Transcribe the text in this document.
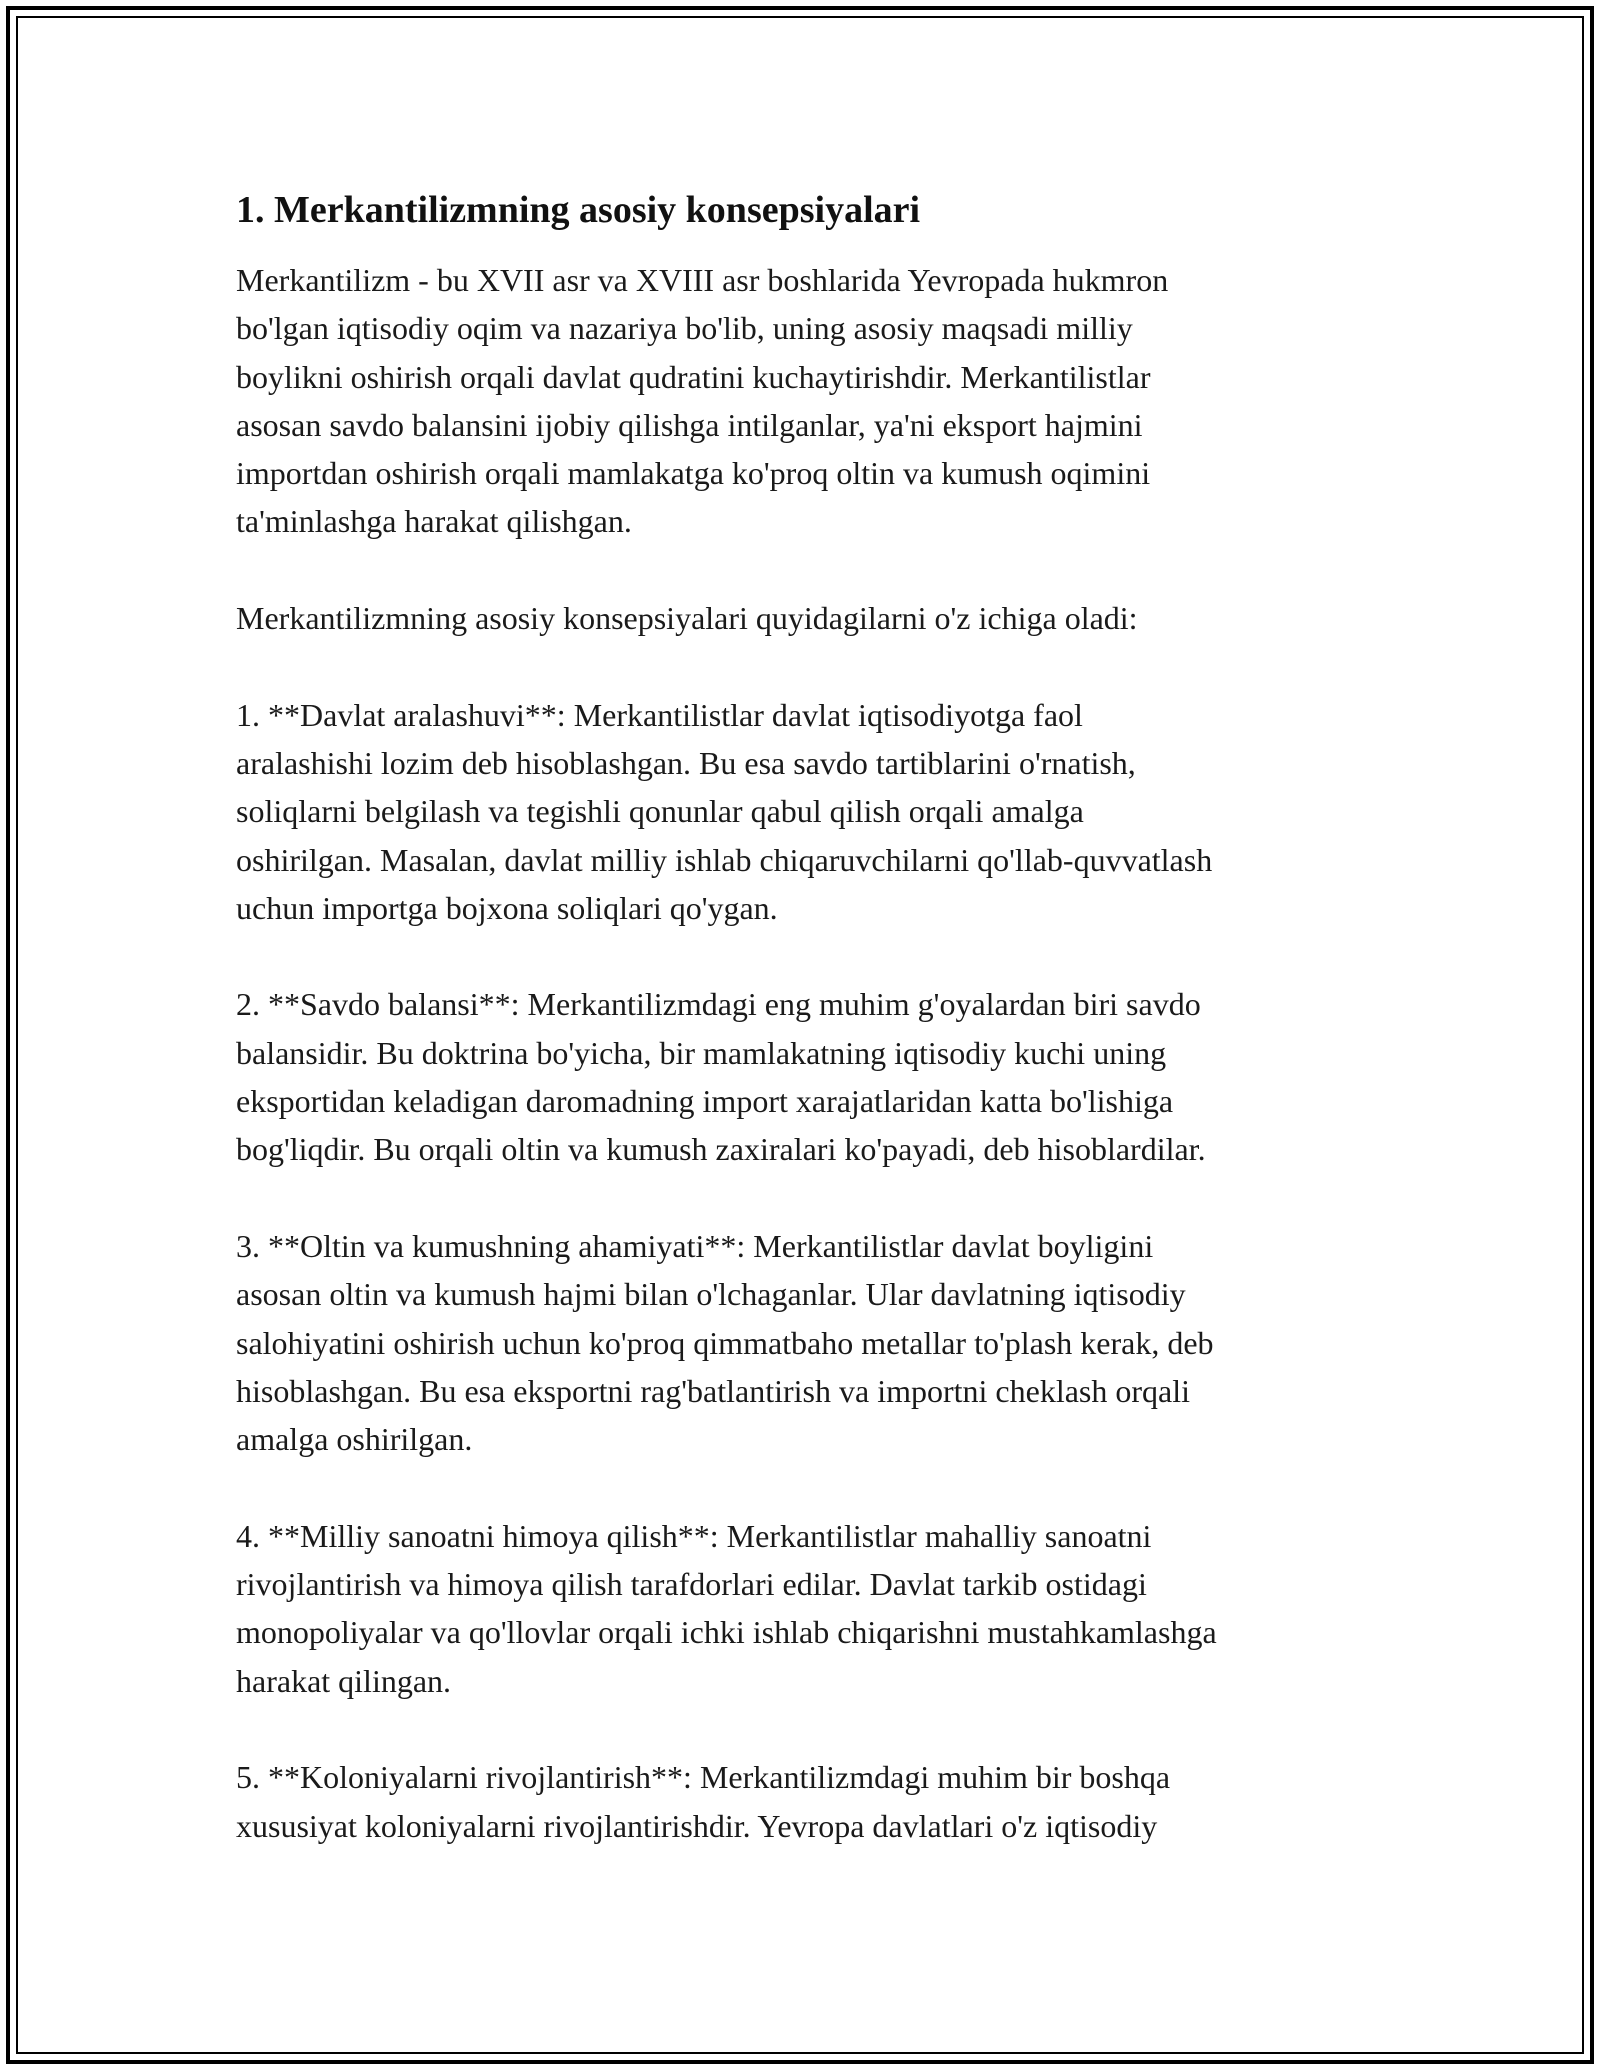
1. Merkantilizmning asosiy konsepsiyalari
Merkantilizm - bu XVII asr va XVIII asr boshlarida Yevropada hukmron
bo'lgan iqtisodiy oqim va nazariya bo'lib, uning asosiy maqsadi milliy
boylikni oshirish orqali davlat qudratini kuchaytirishdir. Merkantilistlar
asosan savdo balansini ijobiy qilishga intilganlar, ya'ni eksport hajmini
importdan oshirish orqali mamlakatga ko'proq oltin va kumush oqimini
ta'minlashga harakat qilishgan.
Merkantilizmning asosiy konsepsiyalari quyidagilarni o'z ichiga oladi:
1. **Davlat aralashuvi**: Merkantilistlar davlat iqtisodiyotga faol
aralashishi lozim deb hisoblashgan. Bu esa savdo tartiblarini o'rnatish,
soliqlarni belgilash va tegishli qonunlar qabul qilish orqali amalga
oshirilgan. Masalan, davlat milliy ishlab chiqaruvchilarni qo'llab-quvvatlash
uchun importga bojxona soliqlari qo'ygan.
2. **Savdo balansi**: Merkantilizmdagi eng muhim g'oyalardan biri savdo
balansidir. Bu doktrina bo'yicha, bir mamlakatning iqtisodiy kuchi uning
eksportidan keladigan daromadning import xarajatlaridan katta bo'lishiga
bog'liqdir. Bu orqali oltin va kumush zaxiralari ko'payadi, deb hisoblardilar.
3. **Oltin va kumushning ahamiyati**: Merkantilistlar davlat boyligini
asosan oltin va kumush hajmi bilan o'lchaganlar. Ular davlatning iqtisodiy
salohiyatini oshirish uchun ko'proq qimmatbaho metallar to'plash kerak, deb
hisoblashgan. Bu esa eksportni rag'batlantirish va importni cheklash orqali
amalga oshirilgan.
4. **Milliy sanoatni himoya qilish**: Merkantilistlar mahalliy sanoatni
rivojlantirish va himoya qilish tarafdorlari edilar. Davlat tarkib ostidagi
monopoliyalar va qo'llovlar orqali ichki ishlab chiqarishni mustahkamlashga
harakat qilingan.
5. **Koloniyalarni rivojlantirish**: Merkantilizmdagi muhim bir boshqa
xususiyat koloniyalarni rivojlantirishdir. Yevropa davlatlari o'z iqtisodiy
